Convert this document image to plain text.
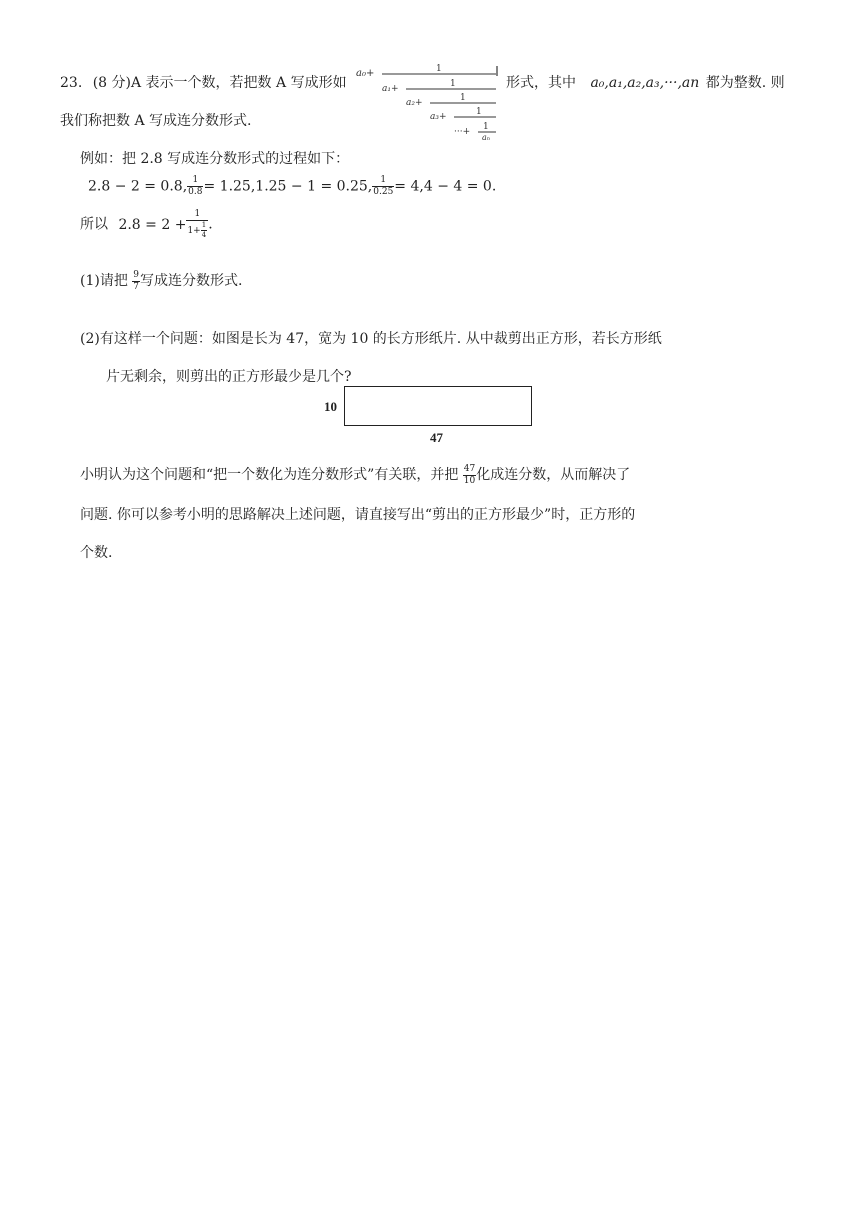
23. (8 分)A 表示一个数，若把数 A 写成形如
a₀+	1
a₁+	1
a₂+	1
a₃+	1
···+ 1
aₙ
形式，其中 a₀,a₁,a₂,a₃,···,an 都为整数. 则
我们称把数 A 写成连分数形式.
例如：把 2.8 写成连分数形式的过程如下：
2.8 − 2 = 0.8, $\frac{1}{0.8} = 1.25,1.25 - 1 = 0.25$, $\frac{1}{0.25} = 4,4 - 4 = 0$.
所以 $2.8 = 2 + \frac{1}{1+ \frac{1}{4}}$ .
(1)请把 $\frac{9}{7}$ 写成连分数形式.
(2)有这样一个问题：如图是长为 47，宽为 10 的长方形纸片. 从中裁剪出正方形，若长方形纸
片无剩余，则剪出的正方形最少是几个?
10
47
小明认为这个问题和“把一个数化为连分数形式”有关联，并把 $\frac{47}{10}$ 化成连分数，从而解决了
问题. 你可以参考小明的思路解决上述问题，请直接写出“剪出的正方形最少”时，正方形的
个数.
